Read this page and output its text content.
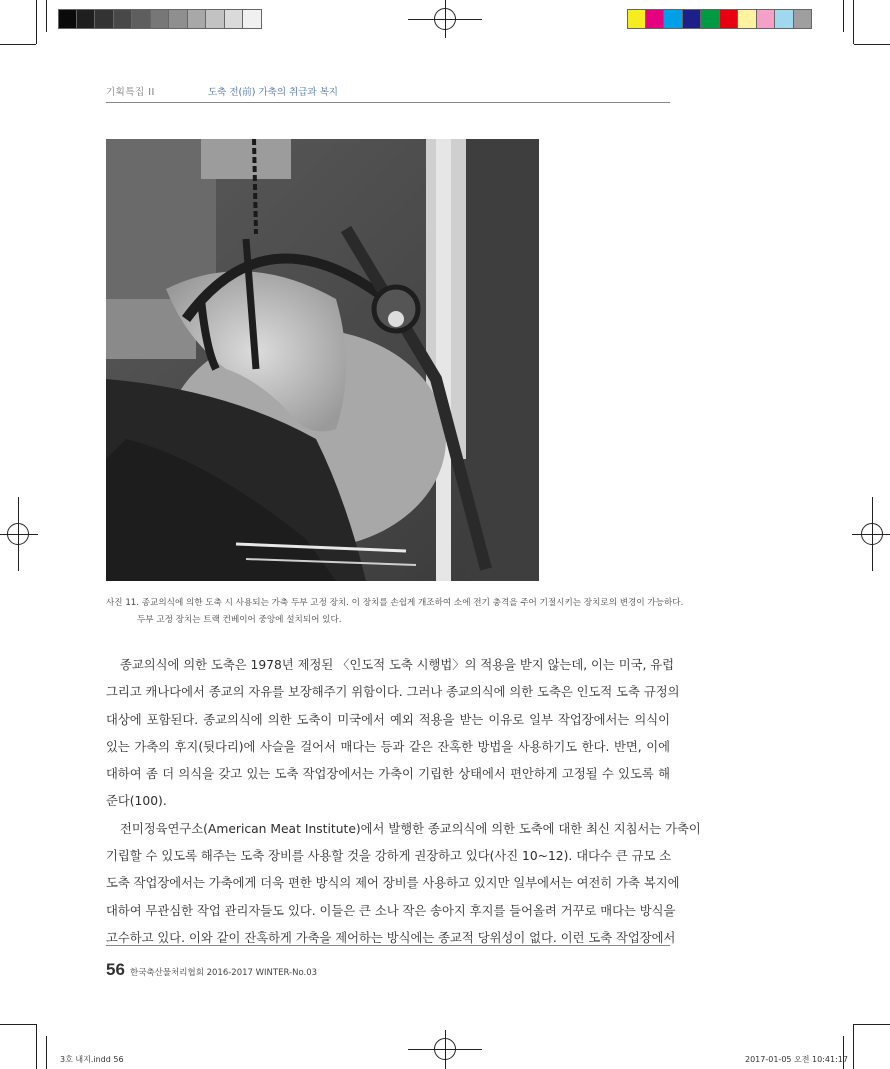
기획특집 II	도축 전(前) 가축의 취급과 복지
사진 11. 종교의식에 의한 도축 시 사용되는 가축 두부 고정 장치. 이 장치를 손쉽게 개조하여 소에 전기 충격을 주어 기절시키는 장치로의 변경이 가능하다.
두부 고정 장치는 트랙 컨베이어 중앙에 설치되어 있다.
종교의식에 의한 도축은 1978년 제정된 〈인도적 도축 시행법〉의 적용을 받지 않는데, 이는 미국, 유럽
그리고 캐나다에서 종교의 자유를 보장해주기 위함이다. 그러나 종교의식에 의한 도축은 인도적 도축 규정의
대상에 포함된다. 종교의식에 의한 도축이 미국에서 예외 적용을 받는 이유로 일부 작업장에서는 의식이
있는 가축의 후지(뒷다리)에 사슬을 걸어서 매다는 등과 같은 잔혹한 방법을 사용하기도 한다. 반면, 이에
대하여 좀 더 의식을 갖고 있는 도축 작업장에서는 가축이 기립한 상태에서 편안하게 고정될 수 있도록 해
준다(100).
전미정육연구소(American Meat Institute)에서 발행한 종교의식에 의한 도축에 대한 최신 지침서는 가축이
기립할 수 있도록 해주는 도축 장비를 사용할 것을 강하게 권장하고 있다(사진 10~12). 대다수 큰 규모 소
도축 작업장에서는 가축에게 더욱 편한 방식의 제어 장비를 사용하고 있지만 일부에서는 여전히 가축 복지에
대하여 무관심한 작업 관리자들도 있다. 이들은 큰 소나 작은 송아지 후지를 들어올려 거꾸로 매다는 방식을
고수하고 있다. 이와 같이 잔혹하게 가축을 제어하는 방식에는 종교적 당위성이 없다. 이런 도축 작업장에서
56 한국축산물처리협회 2016-2017 WINTER-No.03
3호 내지.indd 56	2017-01-05 오전 10:41:17
